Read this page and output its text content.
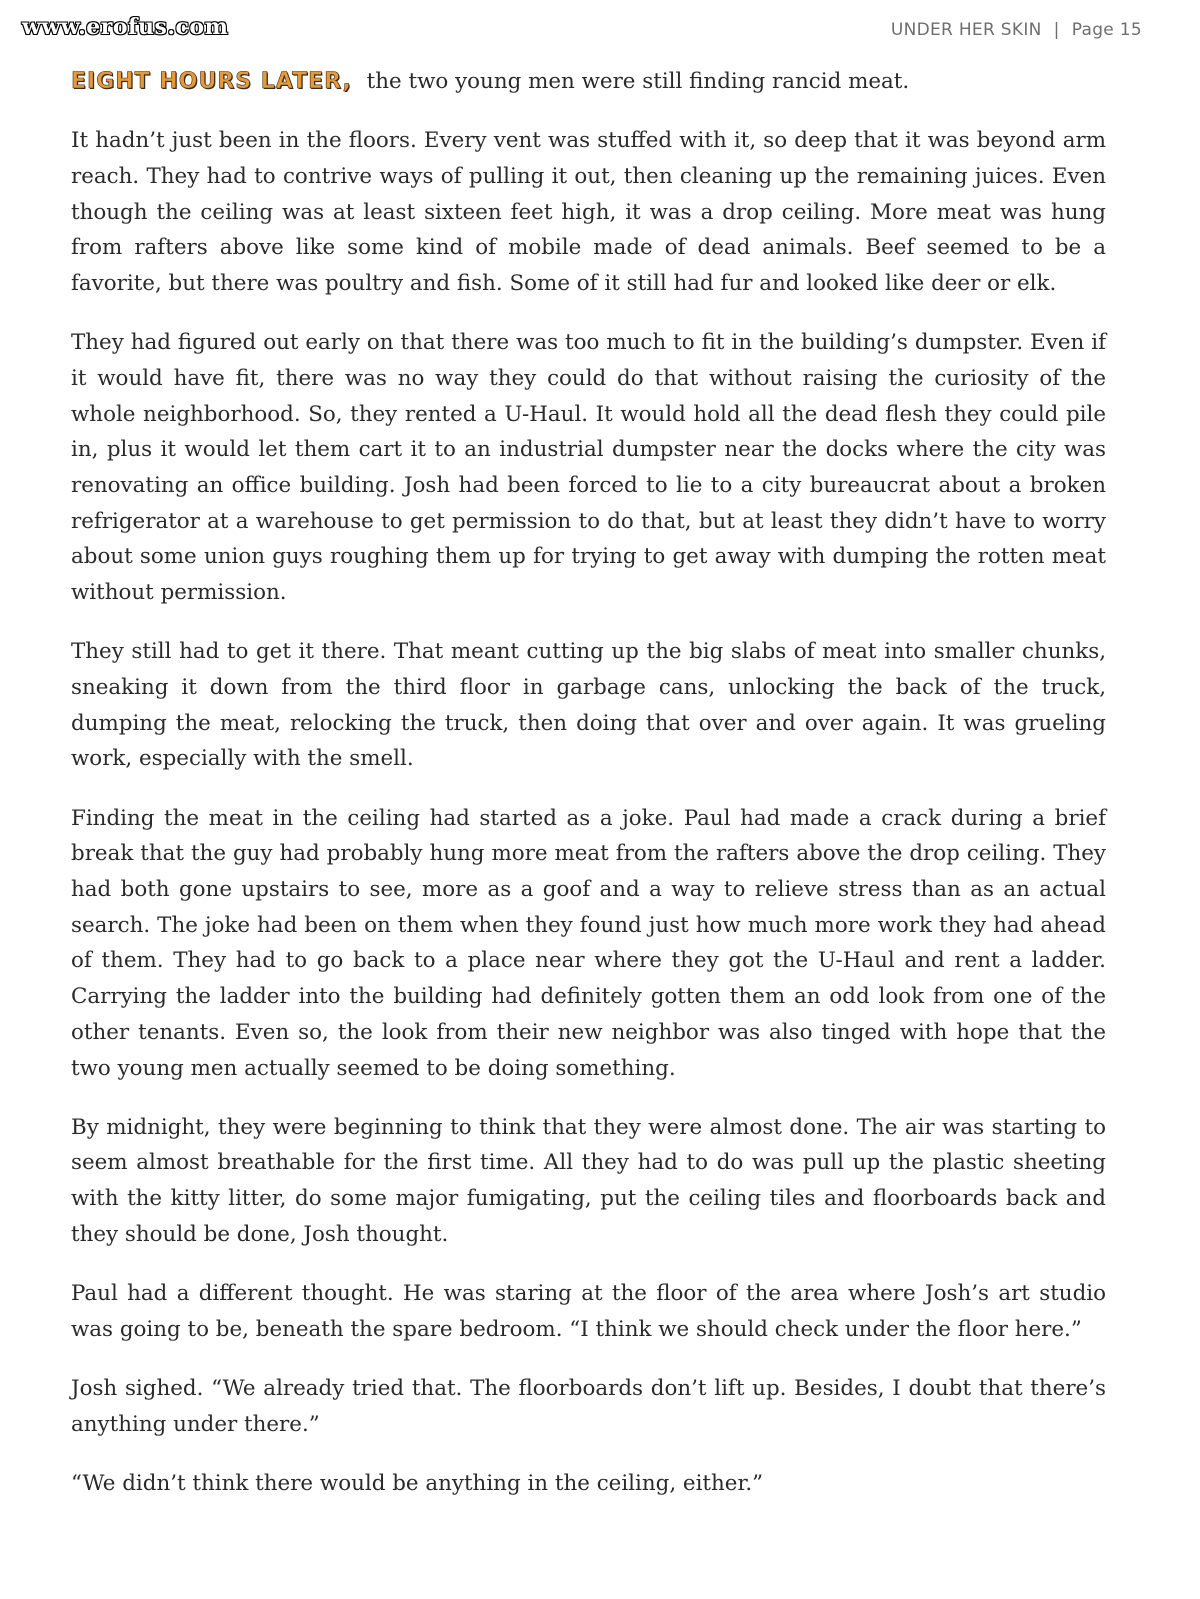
www.erofus.com	UNDER HER SKIN | Page 15

EIGHT HOURS LATER, the two young men were still finding rancid meat.

It hadn’t just been in the floors. Every vent was stuffed with it, so deep that it was beyond arm reach. They had to contrive ways of pulling it out, then cleaning up the remaining juices. Even though the ceiling was at least sixteen feet high, it was a drop ceiling. More meat was hung from rafters above like some kind of mobile made of dead animals. Beef seemed to be a favorite, but there was poultry and fish. Some of it still had fur and looked like deer or elk.

They had figured out early on that there was too much to fit in the building’s dumpster. Even if it would have fit, there was no way they could do that without raising the curiosity of the whole neighborhood. So, they rented a U-Haul. It would hold all the dead flesh they could pile in, plus it would let them cart it to an industrial dumpster near the docks where the city was renovating an office building. Josh had been forced to lie to a city bureaucrat about a broken refrigerator at a warehouse to get permission to do that, but at least they didn’t have to worry about some union guys roughing them up for trying to get away with dumping the rotten meat without permission.

They still had to get it there. That meant cutting up the big slabs of meat into smaller chunks, sneaking it down from the third floor in garbage cans, unlocking the back of the truck, dumping the meat, relocking the truck, then doing that over and over again. It was grueling work, especially with the smell.

Finding the meat in the ceiling had started as a joke. Paul had made a crack during a brief break that the guy had probably hung more meat from the rafters above the drop ceiling. They had both gone upstairs to see, more as a goof and a way to relieve stress than as an actual search. The joke had been on them when they found just how much more work they had ahead of them. They had to go back to a place near where they got the U-Haul and rent a ladder. Carrying the ladder into the building had definitely gotten them an odd look from one of the other tenants. Even so, the look from their new neighbor was also tinged with hope that the two young men actually seemed to be doing something.

By midnight, they were beginning to think that they were almost done. The air was starting to seem almost breathable for the first time. All they had to do was pull up the plastic sheeting with the kitty litter, do some major fumigating, put the ceiling tiles and floorboards back and they should be done, Josh thought.

Paul had a different thought. He was staring at the floor of the area where Josh’s art studio was going to be, beneath the spare bedroom. “I think we should check under the floor here.”

Josh sighed. “We already tried that. The floorboards don’t lift up. Besides, I doubt that there’s anything under there.”

“We didn’t think there would be anything in the ceiling, either.”
